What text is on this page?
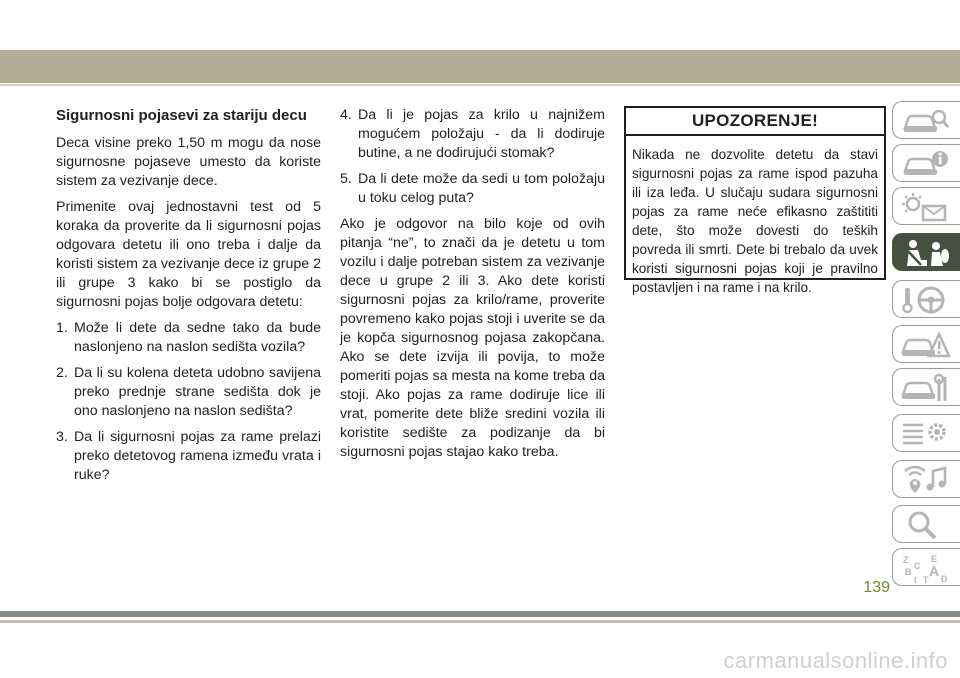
Sigurnosni pojasevi za stariju decu

Deca visine preko 1,50 m mogu da nose sigurnosne pojaseve umesto da koriste sistem za vezivanje dece.

Primenite ovaj jednostavni test od 5 koraka da proverite da li sigurnosni pojas odgovara detetu ili ono treba i dalje da koristi sistem za vezivanje dece iz grupe 2 ili grupe 3 kako bi se postiglo da sigurnosni pojas bolje odgovara detetu:

1. Može li dete da sedne tako da bude naslonjeno na naslon sedišta vozila?
2. Da li su kolena deteta udobno savijena preko prednje strane sedišta dok je ono naslonjeno na naslon sedišta?
3. Da li sigurnosni pojas za rame prelazi preko detetovog ramena između vrata i ruke?
4. Da li je pojas za krilo u najnižem mogućem položaju - da li dodiruje butine, a ne dodirujući stomak?
5. Da li dete može da sedi u tom položaju u toku celog puta?

Ako je odgovor na bilo koje od ovih pitanja “ne”, to znači da je detetu u tom vozilu i dalje potreban sistem za vezivanje dece u grupe 2 ili 3. Ako dete koristi sigurnosni pojas za krilo/rame, proverite povremeno kako pojas stoji i uverite se da je kopča sigurnosnog pojasa zakopčana. Ako se dete izvija ili povija, to može pomeriti pojas sa mesta na kome treba da stoji. Ako pojas za rame dodiruje lice ili vrat, pomerite dete bliže sredini vozila ili koristite sedište za podizanje da bi sigurnosni pojas stajao kako treba.

UPOZORENJE!
Nikada ne dozvolite detetu da stavi sigurnosni pojas za rame ispod pazuha ili iza leđa. U slučaju sudara sigurnosni pojas za rame neće efikasno zaštititi dete, što može dovesti do teških povreda ili smrti. Dete bi trebalo da uvek koristi sigurnosni pojas koji je pravilno postavljen i na rame i na krilo.
Z	E
B A
I
C
T D
139
carmanualsonline.info
